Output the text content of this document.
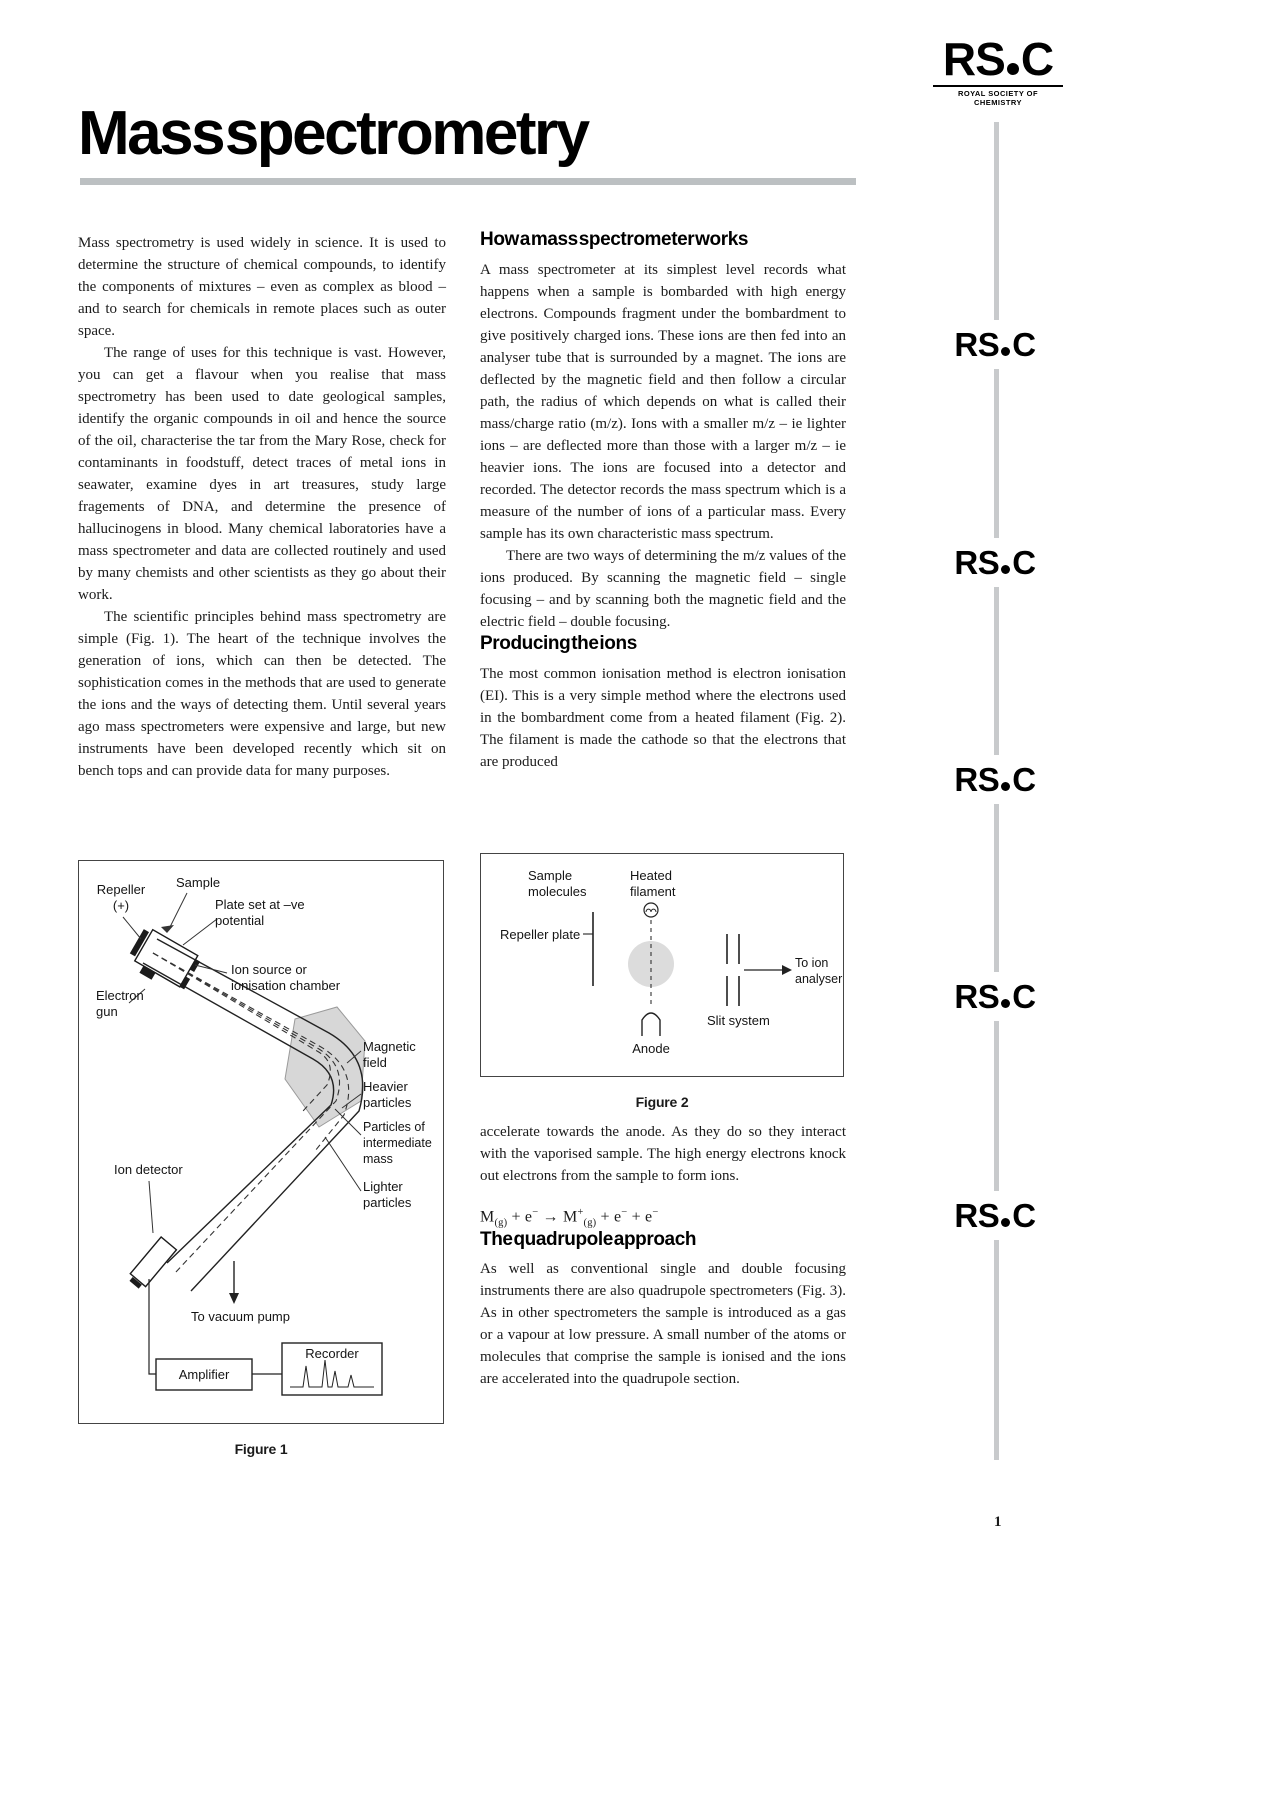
RS C
ROYAL SOCIETY OF CHEMISTRY
Mass spectrometry

Mass spectrometry is used widely in science. It is used to determine the structure of chemical compounds, to identify the components of mixtures – even as complex as blood – and to search for chemicals in remote places such as outer space.

The range of uses for this technique is vast. However, you can get a flavour when you realise that mass spectrometry has been used to date geological samples, identify the organic compounds in oil and hence the source of the oil, characterise the tar from the Mary Rose, check for contaminants in foodstuff, detect traces of metal ions in seawater, examine dyes in art treasures, study large fragements of DNA, and determine the presence of hallucinogens in blood. Many chemical laboratories have a mass spectrometer and data are collected routinely and used by many chemists and other scientists as they go about their work.

The scientific principles behind mass spectrometry are simple (Fig. 1). The heart of the technique involves the generation of ions, which can then be detected. The sophistication comes in the methods that are used to generate the ions and the ways of detecting them. Until several years ago mass spectrometers were expensive and large, but new instruments have been developed recently which sit on bench tops and can provide data for many purposes.

How a mass spectrometer works

A mass spectrometer at its simplest level records what happens when a sample is bombarded with high energy electrons. Compounds fragment under the bombardment to give positively charged ions. These ions are then fed into an analyser tube that is surrounded by a magnet. The ions are deflected by the magnetic field and then follow a circular path, the radius of which depends on what is called their mass/charge ratio (m/z). Ions with a smaller m/z – ie lighter ions – are deflected more than those with a larger m/z – ie heavier ions. The ions are focused into a detector and recorded. The detector records the mass spectrum which is a measure of the number of ions of a particular mass. Every sample has its own characteristic mass spectrum.

There are two ways of determining the m/z values of the ions produced. By scanning the magnetic field – single focusing – and by scanning both the magnetic field and the electric field – double focusing.

Producing the ions

The most common ionisation method is electron ionisation (EI). This is a very simple method where the electrons used in the bombardment come from a heated filament (Fig. 2). The filament is made the cathode so that the electrons that are produced

Repeller
(+)
Sample
Plate set at –ve
potential
Ion source or
ionisation chamber
Electron
gun
Magnetic
field
Heavier
particles
Particles of
intermediate
mass
Lighter
particles
Ion detector
To vacuum pump
Amplifier
Recorder
Figure 1
Sample
molecules
Heated
filament
Repeller plate
To ion
analyser
Slit system
Anode
Figure 2

accelerate towards the anode. As they do so they interact with the vaporised sample. The high energy electrons knock out electrons from the sample to form ions.

$M_{(g)} + e^- \to M^+_{(g)} + e^- + e^-$
The quadrupole approach

As well as conventional single and double focusing instruments there are also quadrupole spectrometers (Fig. 3). As in other spectrometers the sample is introduced as a gas or a vapour at low pressure. A small number of the atoms or molecules that comprise the sample is ionised and the ions are accelerated into the quadrupole section.

RS C
RS C
RS C
RS C
RS C
1
